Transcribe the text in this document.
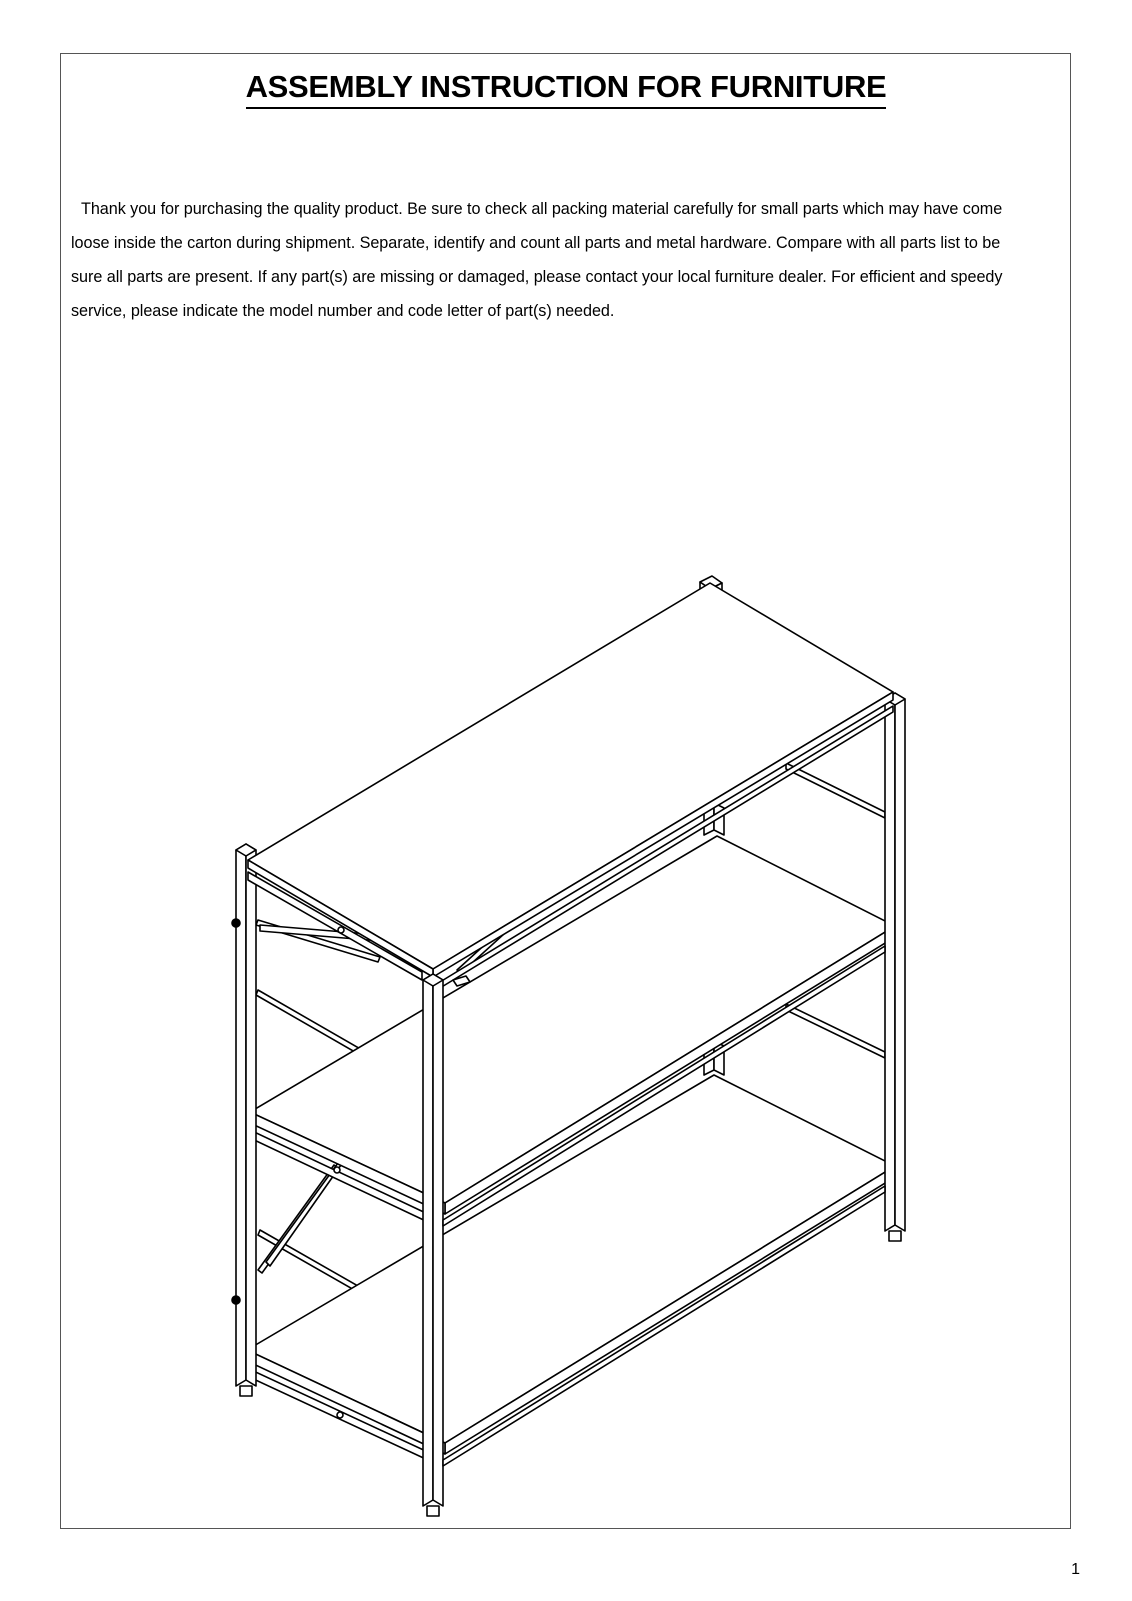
ASSEMBLY INSTRUCTION FOR FURNITURE

Thank you for purchasing the quality product. Be sure to check all packing material carefully for small parts which may have come loose inside the carton during shipment. Separate, identify and count all parts and metal hardware. Compare with all parts list to be sure all parts are present. If any part(s) are missing or damaged, please contact your local furniture dealer. For efficient and speedy service, please indicate the model number and code letter of part(s) needed.

1
